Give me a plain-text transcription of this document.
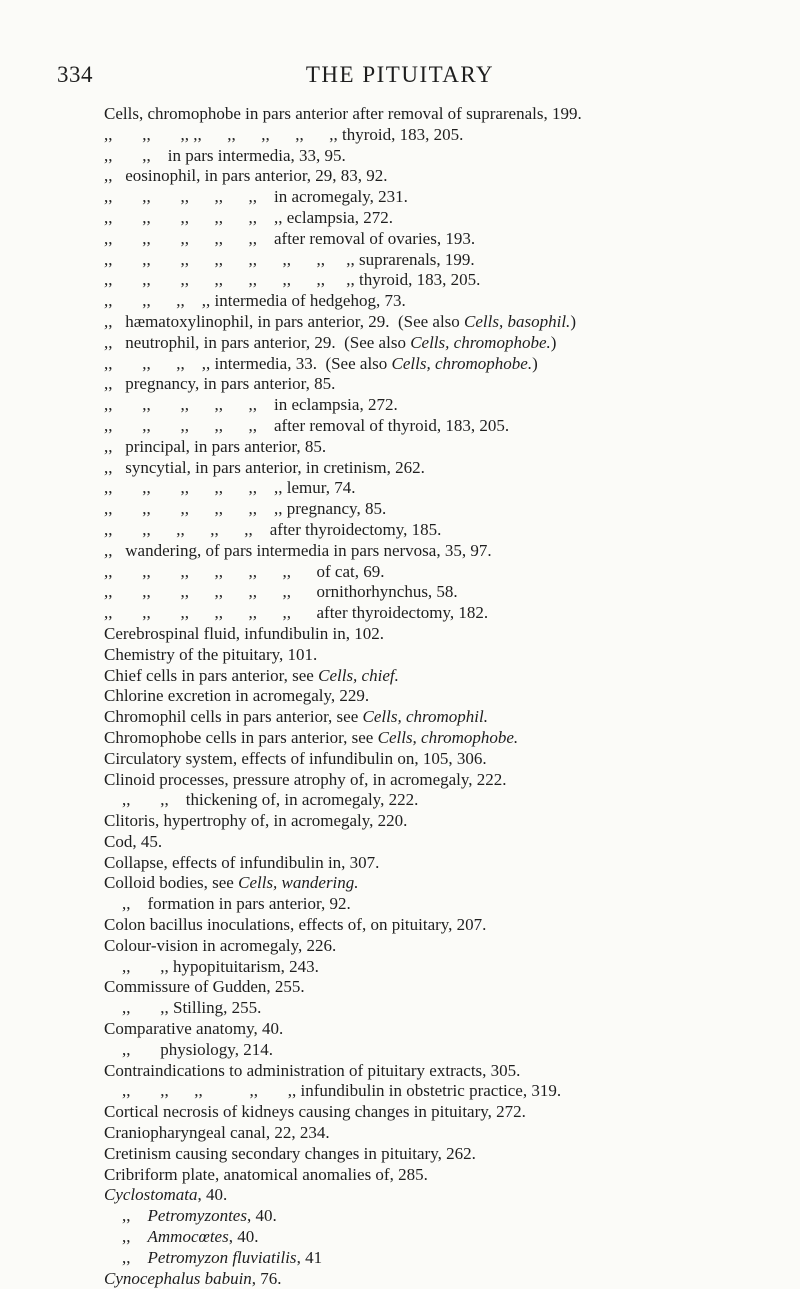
334	THE PITUITARY
Cells, chromophobe in pars anterior after removal of suprarenals, 199.
,,       ,,       ,, ,,      ,,      ,,      ,,      ,, thyroid, 183, 205.
,,       ,,    in pars intermedia, 33, 95.
,,   eosinophil, in pars anterior, 29, 83, 92.
,,       ,,       ,,      ,,      ,,    in acromegaly, 231.
,,       ,,       ,,      ,,      ,,    ,, eclampsia, 272.
,,       ,,       ,,      ,,      ,,    after removal of ovaries, 193.
,,       ,,       ,,      ,,      ,,      ,,      ,,     ,, suprarenals, 199.
,,       ,,       ,,      ,,      ,,      ,,      ,,     ,, thyroid, 183, 205.
,,       ,,      ,,    ,, intermedia of hedgehog, 73.
,,   hæmatoxylinophil, in pars anterior, 29.  (See also Cells, basophil.)
,,   neutrophil, in pars anterior, 29.  (See also Cells, chromophobe.)
,,       ,,      ,,    ,, intermedia, 33.  (See also Cells, chromophobe.)
,,   pregnancy, in pars anterior, 85.
,,       ,,       ,,      ,,      ,,    in eclampsia, 272.
,,       ,,       ,,      ,,      ,,    after removal of thyroid, 183, 205.
,,   principal, in pars anterior, 85.
,,   syncytial, in pars anterior, in cretinism, 262.
,,       ,,       ,,      ,,      ,,    ,, lemur, 74.
,,       ,,       ,,      ,,      ,,    ,, pregnancy, 85.
,,       ,,      ,,      ,,      ,,    after thyroidectomy, 185.
,,   wandering, of pars intermedia in pars nervosa, 35, 97.
,,       ,,       ,,      ,,      ,,      ,,      of cat, 69.
,,       ,,       ,,      ,,      ,,      ,,      ornithorhynchus, 58.
,,       ,,       ,,      ,,      ,,      ,,      after thyroidectomy, 182.
Cerebrospinal fluid, infundibulin in, 102.
Chemistry of the pituitary, 101.
Chief cells in pars anterior, see Cells, chief.
Chlorine excretion in acromegaly, 229.
Chromophil cells in pars anterior, see Cells, chromophil.
Chromophobe cells in pars anterior, see Cells, chromophobe.
Circulatory system, effects of infundibulin on, 105, 306.
Clinoid processes, pressure atrophy of, in acromegaly, 222.
,,       ,,    thickening of, in acromegaly, 222.
Clitoris, hypertrophy of, in acromegaly, 220.
Cod, 45.
Collapse, effects of infundibulin in, 307.
Colloid bodies, see Cells, wandering.
,,    formation in pars anterior, 92.
Colon bacillus inoculations, effects of, on pituitary, 207.
Colour-vision in acromegaly, 226.
,,       ,, hypopituitarism, 243.
Commissure of Gudden, 255.
,,       ,, Stilling, 255.
Comparative anatomy, 40.
,,       physiology, 214.
Contraindications to administration of pituitary extracts, 305.
,,       ,,      ,,           ,,       ,, infundibulin in obstetric practice, 319.
Cortical necrosis of kidneys causing changes in pituitary, 272.
Craniopharyngeal canal, 22, 234.
Cretinism causing secondary changes in pituitary, 262.
Cribriform plate, anatomical anomalies of, 285.
Cyclostomata, 40.
,,    Petromyzontes, 40.
,,    Ammocœtes, 40.
,,    Petromyzon fluviatilis, 41
Cynocephalus babuin, 76.
